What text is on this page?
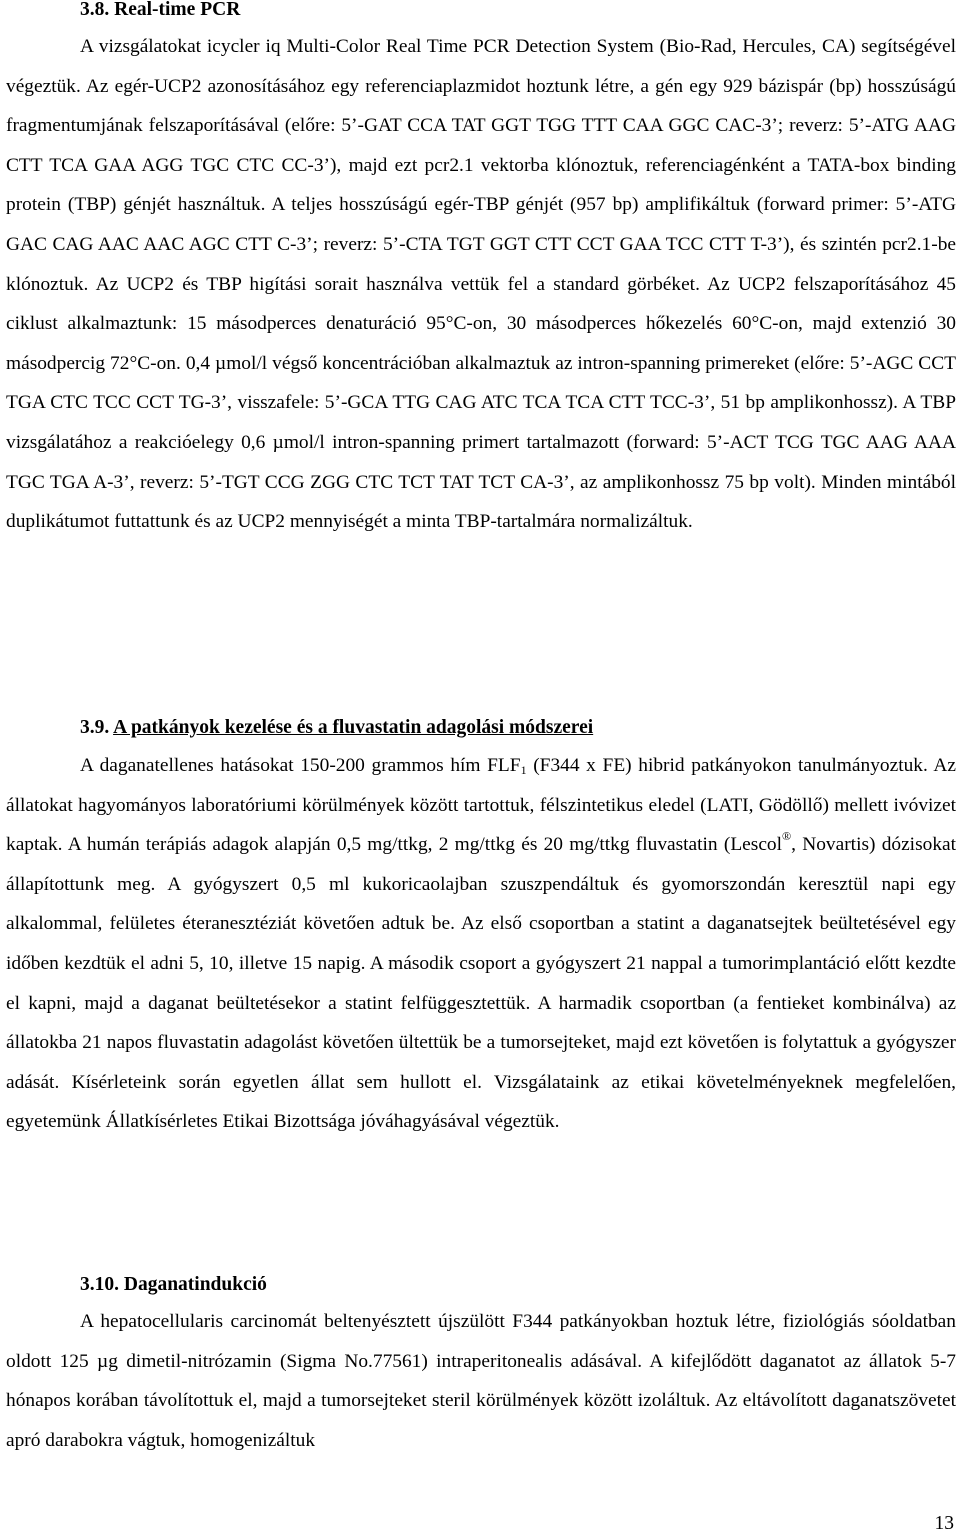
3.8. Real-time PCR

A vizsgálatokat icycler iq Multi-Color Real Time PCR Detection System (Bio-Rad, Hercules, CA) segítségével végeztük. Az egér-UCP2 azonosításához egy referenciaplazmidot hoztunk létre, a gén egy 929 bázispár (bp) hosszúságú fragmentumjának felszaporításával (előre: 5’-GAT CCA TAT GGT TGG TTT CAA GGC CAC-3’; reverz: 5’-ATG AAG CTT TCA GAA AGG TGC CTC CC-3’), majd ezt pcr2.1 vektorba klónoztuk, referenciagénként a TATA-box binding protein (TBP) génjét használtuk. A teljes hosszúságú egér-TBP génjét (957 bp) amplifikáltuk (forward primer: 5’-ATG GAC CAG AAC AAC AGC CTT C-3’; reverz: 5’-CTA TGT GGT CTT CCT GAA TCC CTT T-3’), és szintén pcr2.1-be klónoztuk. Az UCP2 és TBP higítási sorait használva vettük fel a standard görbéket. Az UCP2 felszaporításához 45 ciklust alkalmaztunk: 15 másodperces denaturáció 95°C-on, 30 másodperces hőkezelés 60°C-on, majd extenzió 30 másodpercig 72°C-on. 0,4 µmol/l végső koncentrációban alkalmaztuk az intron-spanning primereket (előre: 5’-AGC CCT TGA CTC TCC CCT TG-3’, visszafele: 5’-GCA TTG CAG ATC TCA TCA CTT TCC-3’, 51 bp amplikonhossz). A TBP vizsgálatához a reakcióelegy 0,6 µmol/l intron-spanning primert tartalmazott (forward: 5’-ACT TCG TGC AAG AAA TGC TGA A-3’, reverz: 5’-TGT CCG ZGG CTC TCT TAT TCT CA-3’, az amplikonhossz 75 bp volt). Minden mintából duplikátumot futtattunk és az UCP2 mennyiségét a minta TBP-tartalmára normalizáltuk.

3.9. A patkányok kezelése és a fluvastatin adagolási módszerei

A daganatellenes hatásokat 150-200 grammos hím $FLF_1$ (F344 x FE) hibrid patkányokon tanulmányoztuk. Az állatokat hagyományos laboratóriumi körülmények között tartottuk, félszintetikus eledel (LATI, Gödöllő) mellett ivóvizet kaptak. A humán terápiás adagok alapján 0,5 mg/ttkg, 2 mg/ttkg és 20 mg/ttkg fluvastatin (Lescol®, Novartis) dózisokat állapítottunk meg. A gyógyszert 0,5 ml kukoricaolajban szuszpendáltuk és gyomorszondán keresztül napi egy alkalommal, felületes éteranesztéziát követően adtuk be. Az első csoportban a statint a daganatsejtek beültetésével egy időben kezdtük el adni 5, 10, illetve 15 napig. A második csoport a gyógyszert 21 nappal a tumorimplantáció előtt kezdte el kapni, majd a daganat beültetésekor a statint felfüggesztettük. A harmadik csoportban (a fentieket kombinálva) az állatokba 21 napos fluvastatin adagolást követően ültettük be a tumorsejteket, majd ezt követően is folytattuk a gyógyszer adását. Kísérleteink során egyetlen állat sem hullott el. Vizsgálataink az etikai követelményeknek megfelelően, egyetemünk Állatkísérletes Etikai Bizottsága jóváhagyásával végeztük.

3.10. Daganatindukció

A hepatocellularis carcinomát beltenyésztett újszülött F344 patkányokban hoztuk létre, fiziológiás sóoldatban oldott 125 µg dimetil-nitrózamin (Sigma No.77561) intraperitonealis adásával. A kifejlődött daganatot az állatok 5-7 hónapos korában távolítottuk el, majd a tumorsejteket steril körülmények között izoláltuk. Az eltávolított daganatszövetet apró darabokra vágtuk, homogenizáltuk

13
